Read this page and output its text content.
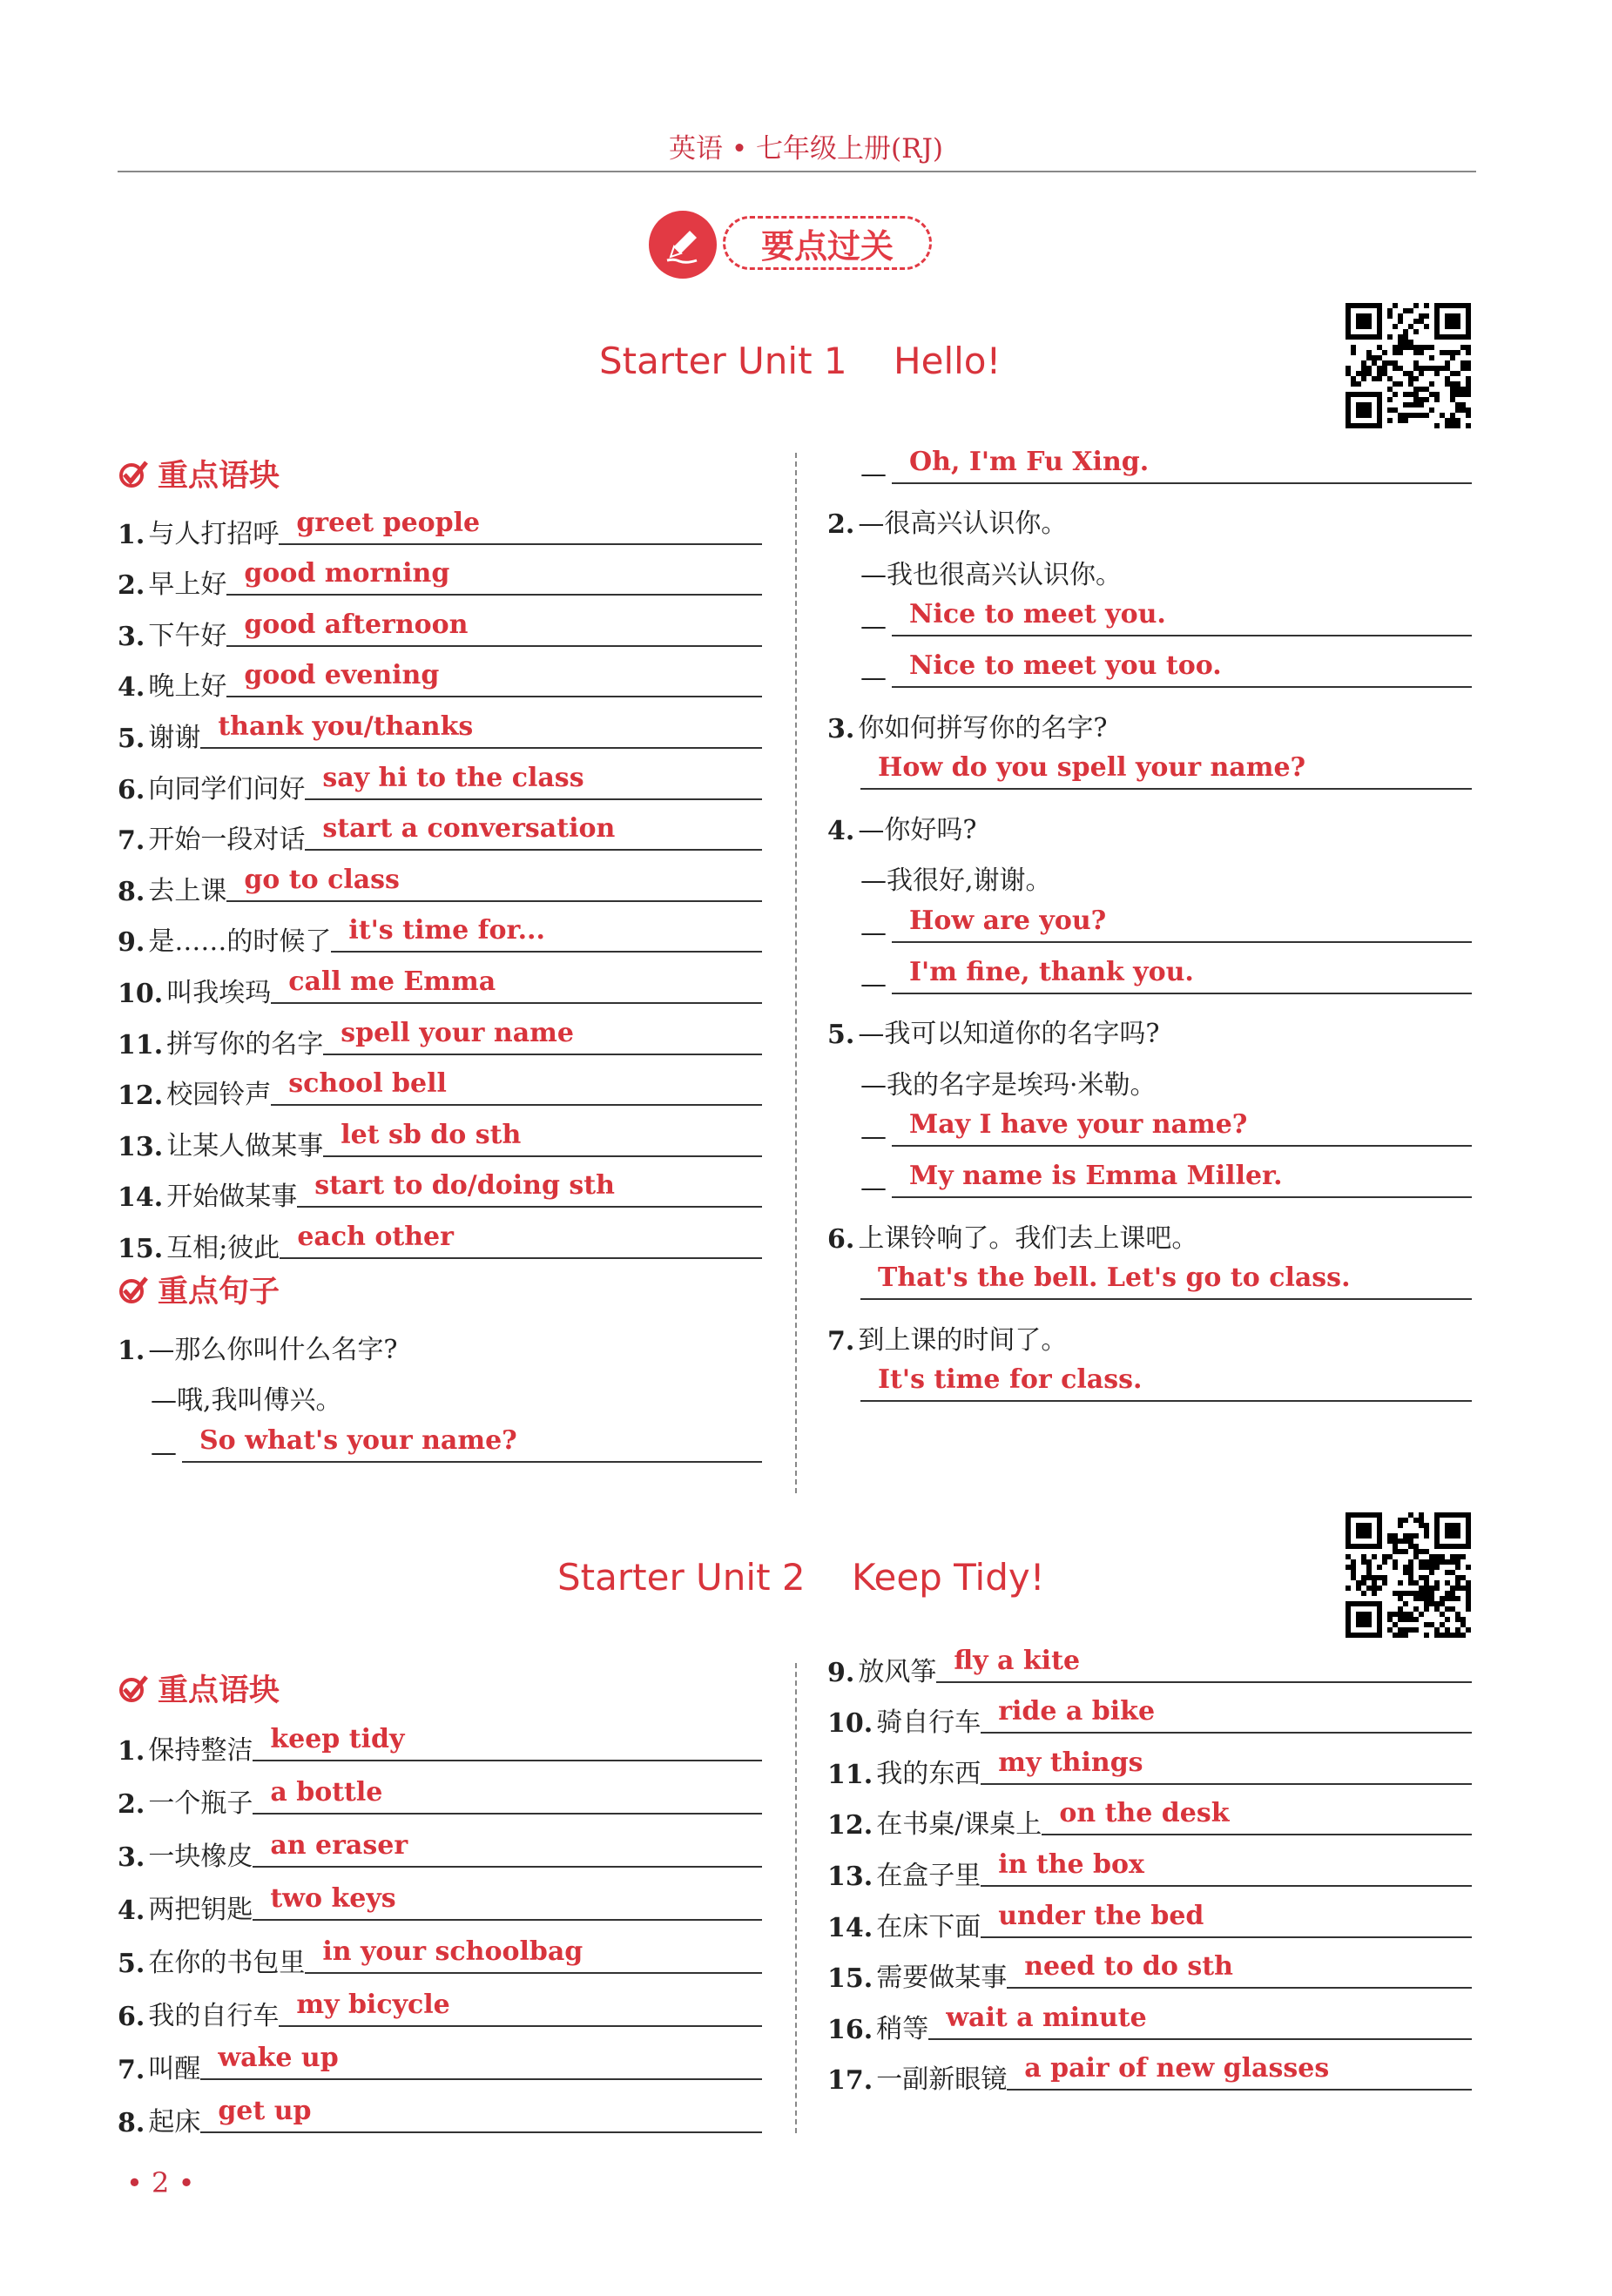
英语 • 七年级上册(RJ)
要点过关
Starter Unit 1    Hello!
重点语块
1. 与人打招呼 greet people
2. 早上好 good morning
3. 下午好 good afternoon
4. 晚上好 good evening
5. 谢谢 thank you/thanks
6. 向同学们问好 say hi to the class
7. 开始一段对话 start a conversation
8. 去上课 go to class
9. 是……的时候了 it's time for...
10. 叫我埃玛 call me Emma
11. 拼写你的名字 spell your name
12. 校园铃声 school bell
13. 让某人做某事 let sb do sth
14. 开始做某事 start to do/doing sth
15. 互相;彼此 each other
重点句子
1. —那么你叫什么名字?
—哦,我叫傅兴。
— So what's your name?
— Oh, I'm Fu Xing.
2. —很高兴认识你。
—我也很高兴认识你。
— Nice to meet you.
— Nice to meet you too.
3. 你如何拼写你的名字?
How do you spell your name?
4. —你好吗?
—我很好,谢谢。
— How are you?
— I'm fine, thank you.
5. —我可以知道你的名字吗?
—我的名字是埃玛·米勒。
— May I have your name?
— My name is Emma Miller.
6. 上课铃响了。我们去上课吧。
That's the bell. Let's go to class.
7. 到上课的时间了。
It's time for class.
Starter Unit 2    Keep Tidy!
重点语块
1. 保持整洁 keep tidy
2. 一个瓶子 a bottle
3. 一块橡皮 an eraser
4. 两把钥匙 two keys
5. 在你的书包里 in your schoolbag
6. 我的自行车 my bicycle
7. 叫醒 wake up
8. 起床 get up
9. 放风筝 fly a kite
10. 骑自行车 ride a bike
11. 我的东西 my things
12. 在书桌/课桌上 on the desk
13. 在盒子里 in the box
14. 在床下面 under the bed
15. 需要做某事 need to do sth
16. 稍等 wait a minute
17. 一副新眼镜 a pair of new glasses
• 2 •
